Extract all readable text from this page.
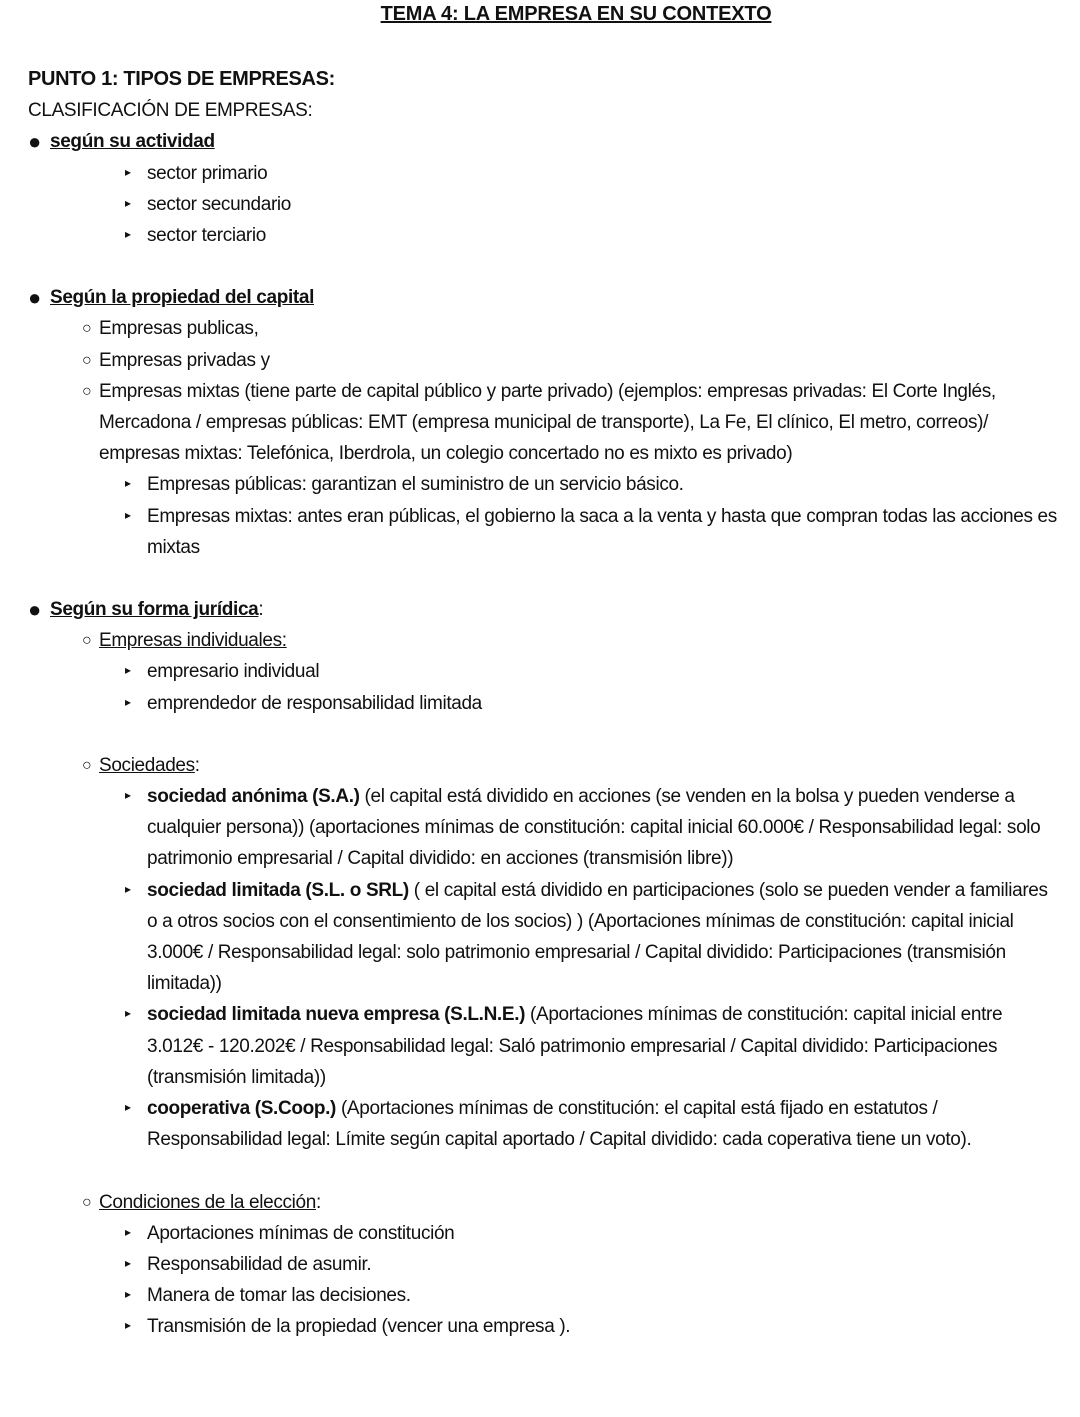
TEMA 4: LA EMPRESA EN SU CONTEXTO
PUNTO 1: TIPOS DE EMPRESAS:
CLASIFICACIÓN DE EMPRESAS:
● según su actividad
▸ sector primario
▸ sector secundario
▸ sector terciario
● Según la propiedad del capital
○ Empresas publicas,
○ Empresas privadas y
○ Empresas mixtas (tiene parte de capital público y parte privado) (ejemplos: empresas privadas: El Corte Inglés, Mercadona / empresas públicas: EMT (empresa municipal de transporte), La Fe, El clínico, El metro, correos)/ empresas mixtas: Telefónica, Iberdrola, un colegio concertado no es mixto es privado)
▸ Empresas públicas: garantizan el suministro de un servicio básico.
▸ Empresas mixtas: antes eran públicas, el gobierno la saca a la venta y hasta que compran todas las acciones es mixtas
● Según su forma jurídica:
○ Empresas individuales:
▸ empresario individual
▸ emprendedor de responsabilidad limitada
○ Sociedades:
▸ sociedad anónima (S.A.) (el capital está dividido en acciones (se venden en la bolsa y pueden venderse a cualquier persona)) (aportaciones mínimas de constitución: capital inicial 60.000€ / Responsabilidad legal: solo patrimonio empresarial / Capital dividido: en acciones (transmisión libre))
▸ sociedad limitada (S.L. o SRL) ( el capital está dividido en participaciones (solo se pueden vender a familiares o a otros socios con el consentimiento de los socios) ) (Aportaciones mínimas de constitución: capital inicial 3.000€ / Responsabilidad legal: solo patrimonio empresarial / Capital dividido: Participaciones (transmisión limitada))
▸ sociedad limitada nueva empresa (S.L.N.E.) (Aportaciones mínimas de constitución: capital inicial entre 3.012€ - 120.202€ / Responsabilidad legal: Saló patrimonio empresarial / Capital dividido: Participaciones (transmisión limitada))
▸ cooperativa (S.Coop.) (Aportaciones mínimas de constitución: el capital está fijado en estatutos / Responsabilidad legal: Límite según capital aportado / Capital dividido: cada coperativa tiene un voto).
○ Condiciones de la elección:
▸ Aportaciones mínimas de constitución
▸ Responsabilidad de asumir.
▸ Manera de tomar las decisiones.
▸ Transmisión de la propiedad (vencer una empresa ).
